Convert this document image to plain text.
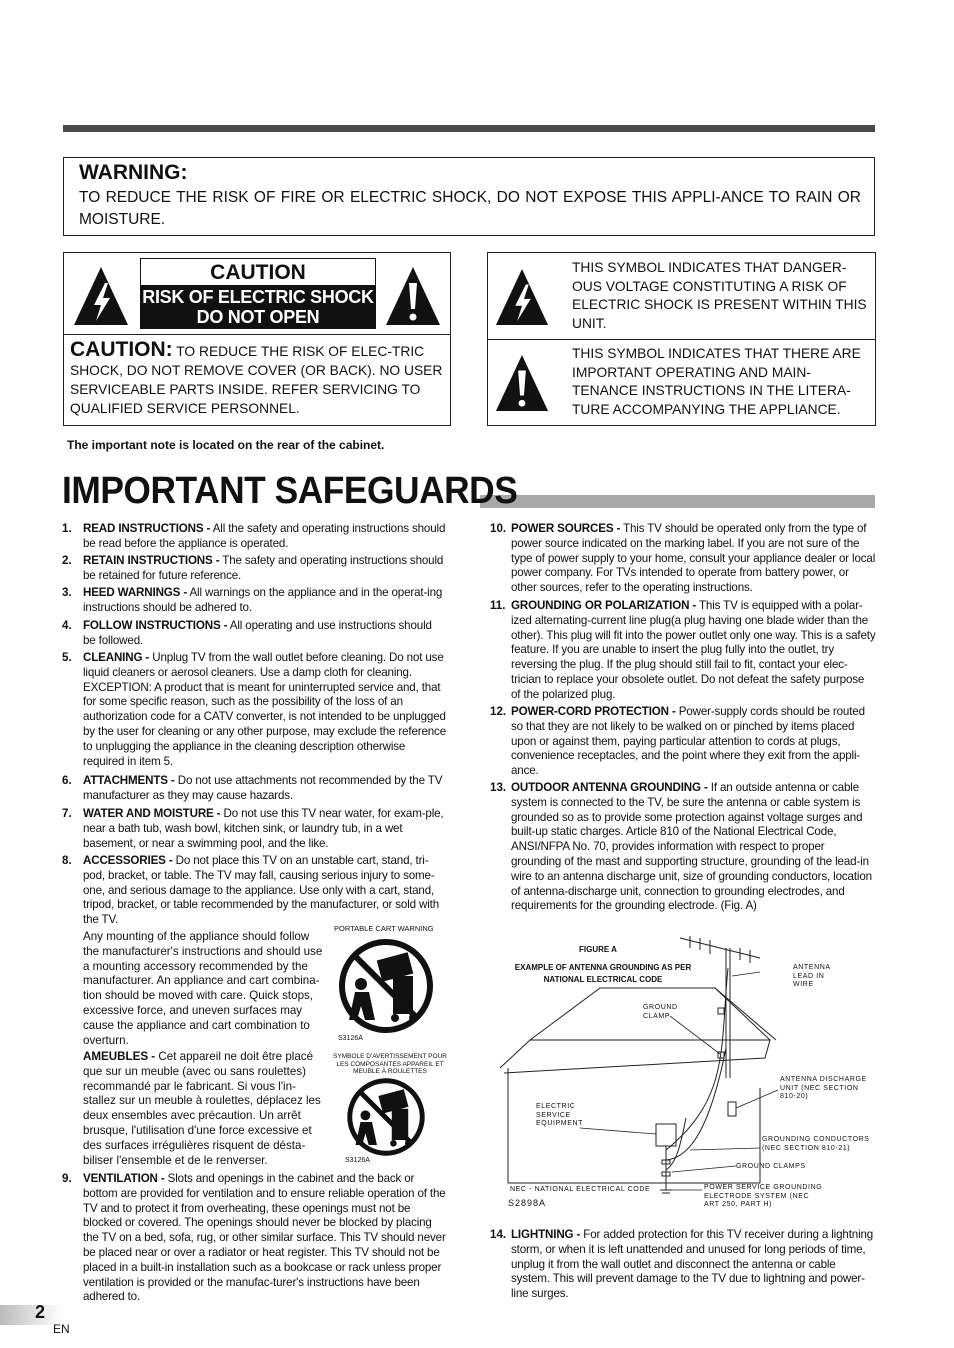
WARNING:
TO REDUCE THE RISK OF FIRE OR ELECTRIC SHOCK, DO NOT EXPOSE THIS APPLI-ANCE TO RAIN OR MOISTURE.
CAUTION
RISK OF ELECTRIC SHOCK
DO NOT OPEN
CAUTION: TO REDUCE THE RISK OF ELEC-TRIC SHOCK, DO NOT REMOVE COVER (OR BACK). NO USER SERVICEABLE PARTS INSIDE. REFER SERVICING TO QUALIFIED SERVICE PERSONNEL.
THIS SYMBOL INDICATES THAT DANGER-OUS VOLTAGE CONSTITUTING A RISK OF ELECTRIC SHOCK IS PRESENT WITHIN THIS UNIT.
THIS SYMBOL INDICATES THAT THERE ARE IMPORTANT OPERATING AND MAIN-TENANCE INSTRUCTIONS IN THE LITERA-TURE ACCOMPANYING THE APPLIANCE.
The important note is located on the rear of the cabinet.
IMPORTANT SAFEGUARDS
1. READ INSTRUCTIONS - All the safety and operating instructions should be read before the appliance is operated.
2. RETAIN INSTRUCTIONS - The safety and operating instructions should be retained for future reference.
3. HEED WARNINGS - All warnings on the appliance and in the operat-ing instructions should be adhered to.
4. FOLLOW INSTRUCTIONS - All operating and use instructions should be followed.
5. CLEANING - Unplug TV from the wall outlet before cleaning. Do not use liquid cleaners or aerosol cleaners. Use a damp cloth for cleaning.
EXCEPTION: A product that is meant for uninterrupted service and, that for some specific reason, such as the possibility of the loss of an authorization code for a CATV converter, is not intended to be unplugged by the user for cleaning or any other purpose, may exclude the reference to unplugging the appliance in the cleaning description otherwise required in item 5.
6. ATTACHMENTS - Do not use attachments not recommended by the TV manufacturer as they may cause hazards.
7. WATER AND MOISTURE - Do not use this TV near water, for exam-ple, near a bath tub, wash bowl, kitchen sink, or laundry tub, in a wet basement, or near a swimming pool, and the like.
8. ACCESSORIES - Do not place this TV on an unstable cart, stand, tri-pod, bracket, or table. The TV may fall, causing serious injury to some-one, and serious damage to the appliance. Use only with a cart, stand, tripod, bracket, or table recommended by the manufacturer, or sold with the TV.
Any mounting of the appliance should follow the manufacturer's instructions and should use a mounting accessory recommended by the manufacturer. An appliance and cart combina-tion should be moved with care. Quick stops, excessive force, and uneven surfaces may cause the appliance and cart combination to overturn.
AMEUBLES - Cet appareil ne doit être placé que sur un meuble (avec ou sans roulettes) recommandé par le fabricant. Si vous l'in-stallez sur un meuble à roulettes, déplacez les deux ensembles avec précaution. Un arrêt brusque, l'utilisation d'une force excessive et des surfaces irrégulières risquent de désta-biliser l'ensemble et de le renverser.
9. VENTILATION - Slots and openings in the cabinet and the back or bottom are provided for ventilation and to ensure reliable operation of the TV and to protect it from overheating, these openings must not be blocked or covered. The openings should never be blocked by placing the TV on a bed, sofa, rug, or other similar surface. This TV should never be placed near or over a radiator or heat register. This TV should not be placed in a built-in installation such as a bookcase or rack unless proper ventilation is provided or the manufac-turer's instructions have been adhered to.
PORTABLE CART WARNING
S3126A
SYMBOLE D'AVERTISSEMENT POUR LES COMPOSANTES APPAREIL ET MEUBLE À ROULETTES
S3126A
10. POWER SOURCES - This TV should be operated only from the type of power source indicated on the marking label. If you are not sure of the type of power supply to your home, consult your appliance dealer or local power company. For TVs intended to operate from battery power, or other sources, refer to the operating instructions.
11. GROUNDING OR POLARIZATION - This TV is equipped with a polar-ized alternating-current line plug(a plug having one blade wider than the other). This plug will fit into the power outlet only one way. This is a safety feature. If you are unable to insert the plug fully into the outlet, try reversing the plug. If the plug should still fail to fit, contact your elec-trician to replace your obsolete outlet. Do not defeat the safety purpose of the polarized plug.
12. POWER-CORD PROTECTION - Power-supply cords should be routed so that they are not likely to be walked on or pinched by items placed upon or against them, paying particular attention to cords at plugs, convenience receptacles, and the point where they exit from the appli-ance.
13. OUTDOOR ANTENNA GROUNDING - If an outside antenna or cable system is connected to the TV, be sure the antenna or cable system is grounded so as to provide some protection against voltage surges and built-up static charges. Article 810 of the National Electrical Code, ANSI/NFPA No. 70, provides information with respect to proper grounding of the mast and supporting structure, grounding of the lead-in wire to an antenna discharge unit, size of grounding conductors, location of antenna-discharge unit, connection to grounding electrodes, and requirements for the grounding electrode. (Fig. A)
14. LIGHTNING - For added protection for this TV receiver during a lightning storm, or when it is left unattended and unused for long periods of time, unplug it from the wall outlet and disconnect the antenna or cable system. This will prevent damage to the TV due to lightning and power-line surges.
FIGURE A
EXAMPLE OF ANTENNA GROUNDING AS PER NATIONAL ELECTRICAL CODE
ANTENNA LEAD IN WIRE
GROUND CLAMP
ANTENNA DISCHARGE UNIT (NEC SECTION 810-20)
ELECTRIC SERVICE EQUIPMENT
GROUNDING CONDUCTORS (NEC SECTION 810-21)
GROUND CLAMPS
NEC - NATIONAL ELECTRICAL CODE	POWER SERVICE GROUNDING ELECTRODE SYSTEM (NEC ART 250, PART H)
S2898A
2
EN
